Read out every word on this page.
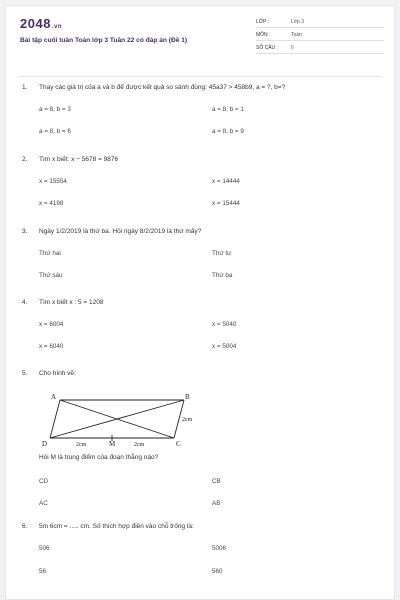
2048.vn
Bài tập cuối tuần Toán lớp 3 Tuần 22 có đáp án (Đề 1)
LỚP :	Lớp 3
MÔN :	Toán
SỐ CÂU :	6
1. Thay các giá trị của a và b để được kết quả so sánh đúng: 45a37 > 458b9, a = ?, b=?
a = 8, b = 3	a = 8, b = 1
a = 8, b = 6	a = 8, b = 9
2. Tìm x biết: x − 5678 = 9876
x = 15554	x = 14444
x = 4198	x = 15444
3. Ngày 1/2/2019 là thứ ba. Hỏi ngày 8/2/2019 là thứ mấy?
Thứ hai	Thứ tư
Thứ sáu	Thứ ba
4. Tìm x biết x : 5 = 1208
x = 6004	x = 5040
x = 6040	x = 5004
5. Cho hình vẽ:
A	B
C
D	M
2cm	2cm
2cm
Hỏi M là trung điểm của đoạn thẳng nào?
CD	CB
AC	AB
6. 5m 6cm = ..... cm. Số thích hợp điền vào chỗ trống là:
506	5006
56	560
